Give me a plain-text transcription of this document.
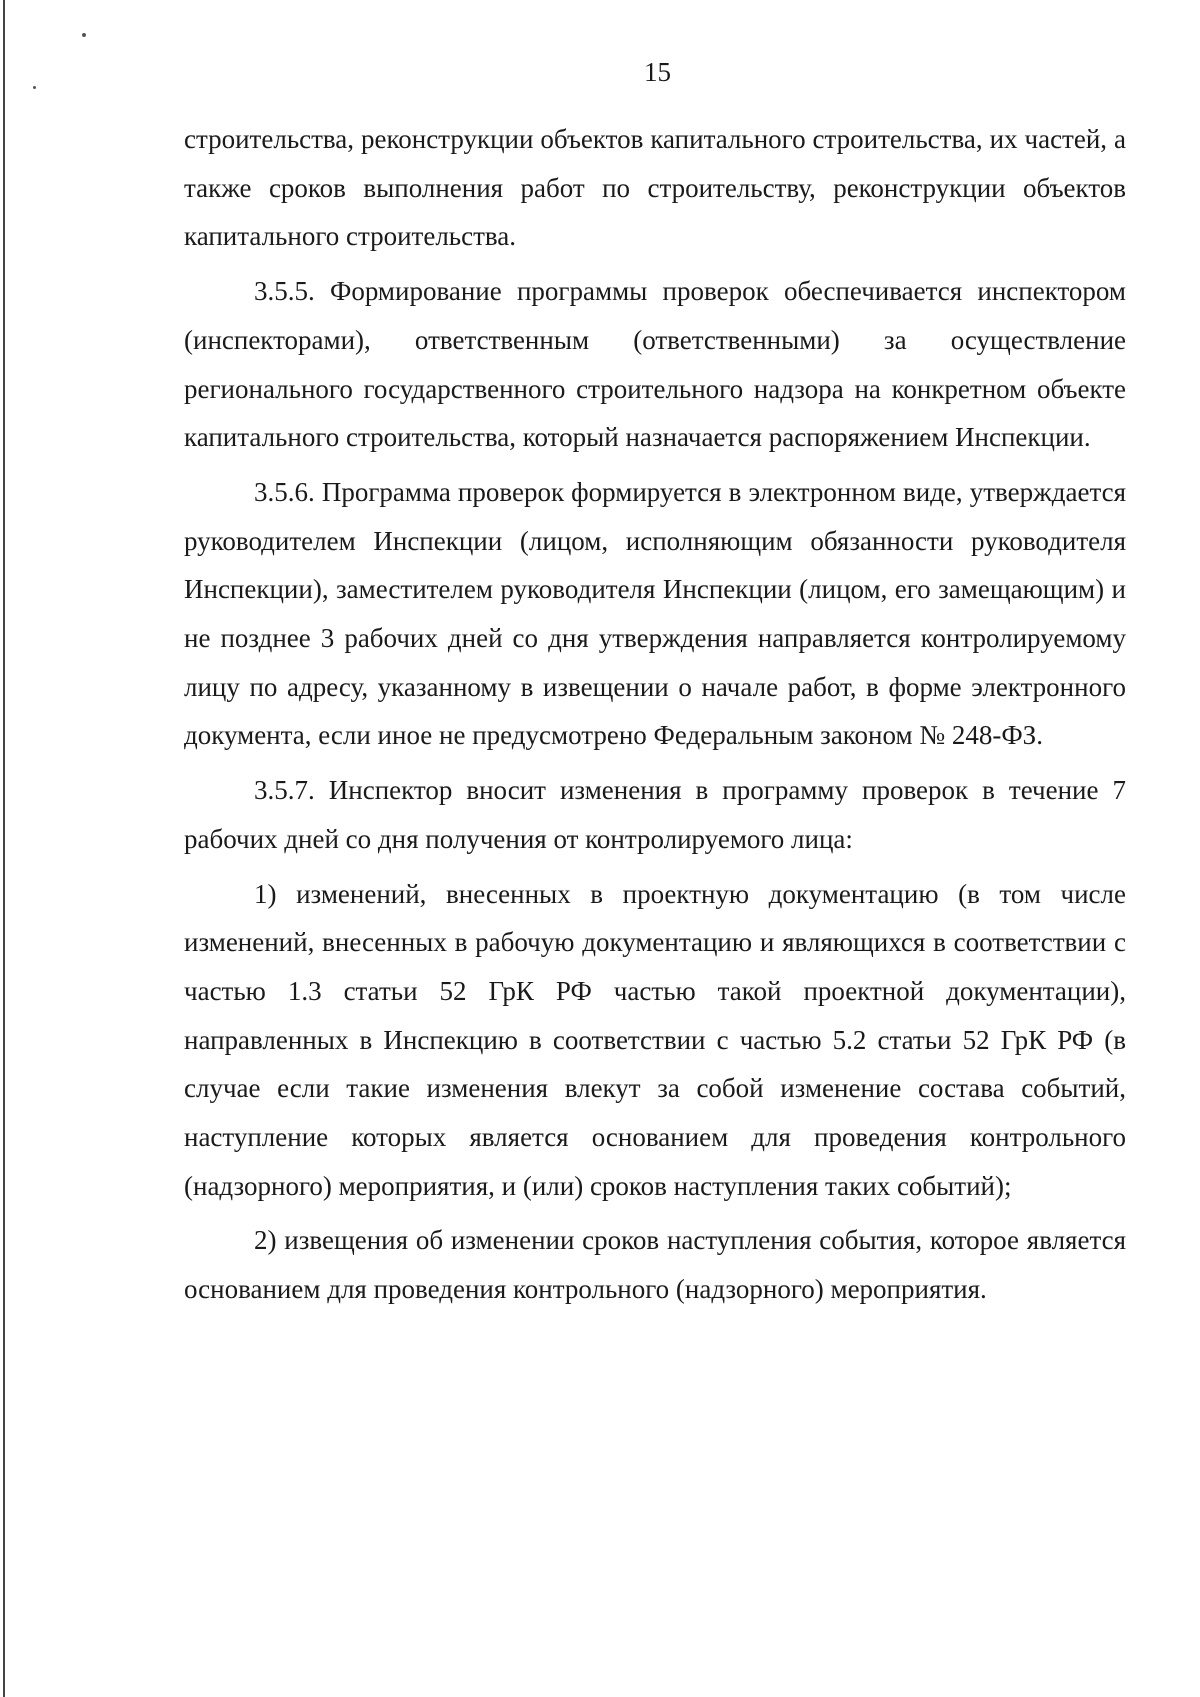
15

строительства, реконструкции объектов капитального строительства, их частей, а также сроков выполнения работ по строительству, реконструкции объектов капитального строительства.

3.5.5. Формирование программы проверок обеспечивается инспектором (инспекторами), ответственным (ответственными) за осуществление регионального государственного строительного надзора на конкретном объекте капитального строительства, который назначается распоряжением Инспекции.

3.5.6. Программа проверок формируется в электронном виде, утверждается руководителем Инспекции (лицом, исполняющим обязанности руководителя Инспекции), заместителем руководителя Инспекции (лицом, его замещающим) и не позднее 3 рабочих дней со дня утверждения направляется контролируемому лицу по адресу, указанному в извещении о начале работ, в форме электронного документа, если иное не предусмотрено Федеральным законом № 248-ФЗ.

3.5.7. Инспектор вносит изменения в программу проверок в течение 7 рабочих дней со дня получения от контролируемого лица:

1) изменений, внесенных в проектную документацию (в том числе изменений, внесенных в рабочую документацию и являющихся в соответствии с частью 1.3 статьи 52 ГрК РФ частью такой проектной документации), направленных в Инспекцию в соответствии с частью 5.2 статьи 52 ГрК РФ (в случае если такие изменения влекут за собой изменение состава событий, наступление которых является основанием для проведения контрольного (надзорного) мероприятия, и (или) сроков наступления таких событий);

2) извещения об изменении сроков наступления события, которое является основанием для проведения контрольного (надзорного) мероприятия.
